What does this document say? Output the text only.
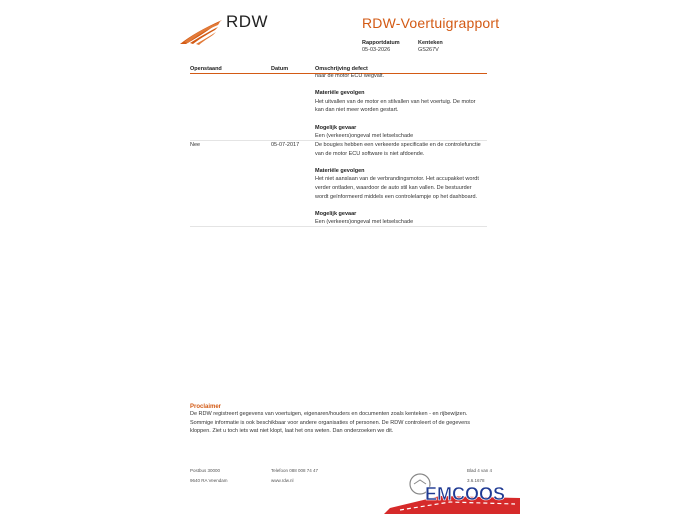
RDW	RDW-Voertuigrapport
Rapportdatum
05-03-2026
Kenteken
GS267V
Openstaand	Datum	Omschrijving defect

naar de motor ECU wegvalt.

Materiële gevolgen

Het uitvallen van de motor en stilvallen van het voertuig. De motor

kan dan niet meer worden gestart.

Mogelijk gevaar

Een (verkeers)ongeval met letselschade

Nee	05-07-2017	De bougies hebben een verkeerde specificatie en de controlefunctie

van de motor ECU software is niet afdoende.

Materiële gevolgen

Het niet aanslaan van de verbrandingsmotor. Het accupakket wordt

verder ontladen, waardoor de auto stil kan vallen. De bestuurder

wordt geïnformeerd middels een controlelampje op het dashboard.

Mogelijk gevaar

Een (verkeers)ongeval met letselschade

Proclaimer

De RDW registreert gegevens van voertuigen, eigenaren/houders en documenten zoals kenteken - en rijbewijzen.

Sommige informatie is ook beschikbaar voor andere organisaties of personen. De RDW controleert of de gegevens

kloppen. Ziet u toch iets wat niet klopt, laat het ons weten. Dan onderzoeken we dit.

Postbus 30000
9640 RA Veendam
Telefoon 088 008 74 47
www.rdw.nl
Blad 4 van 4
3.6.1678
EMCOOS
